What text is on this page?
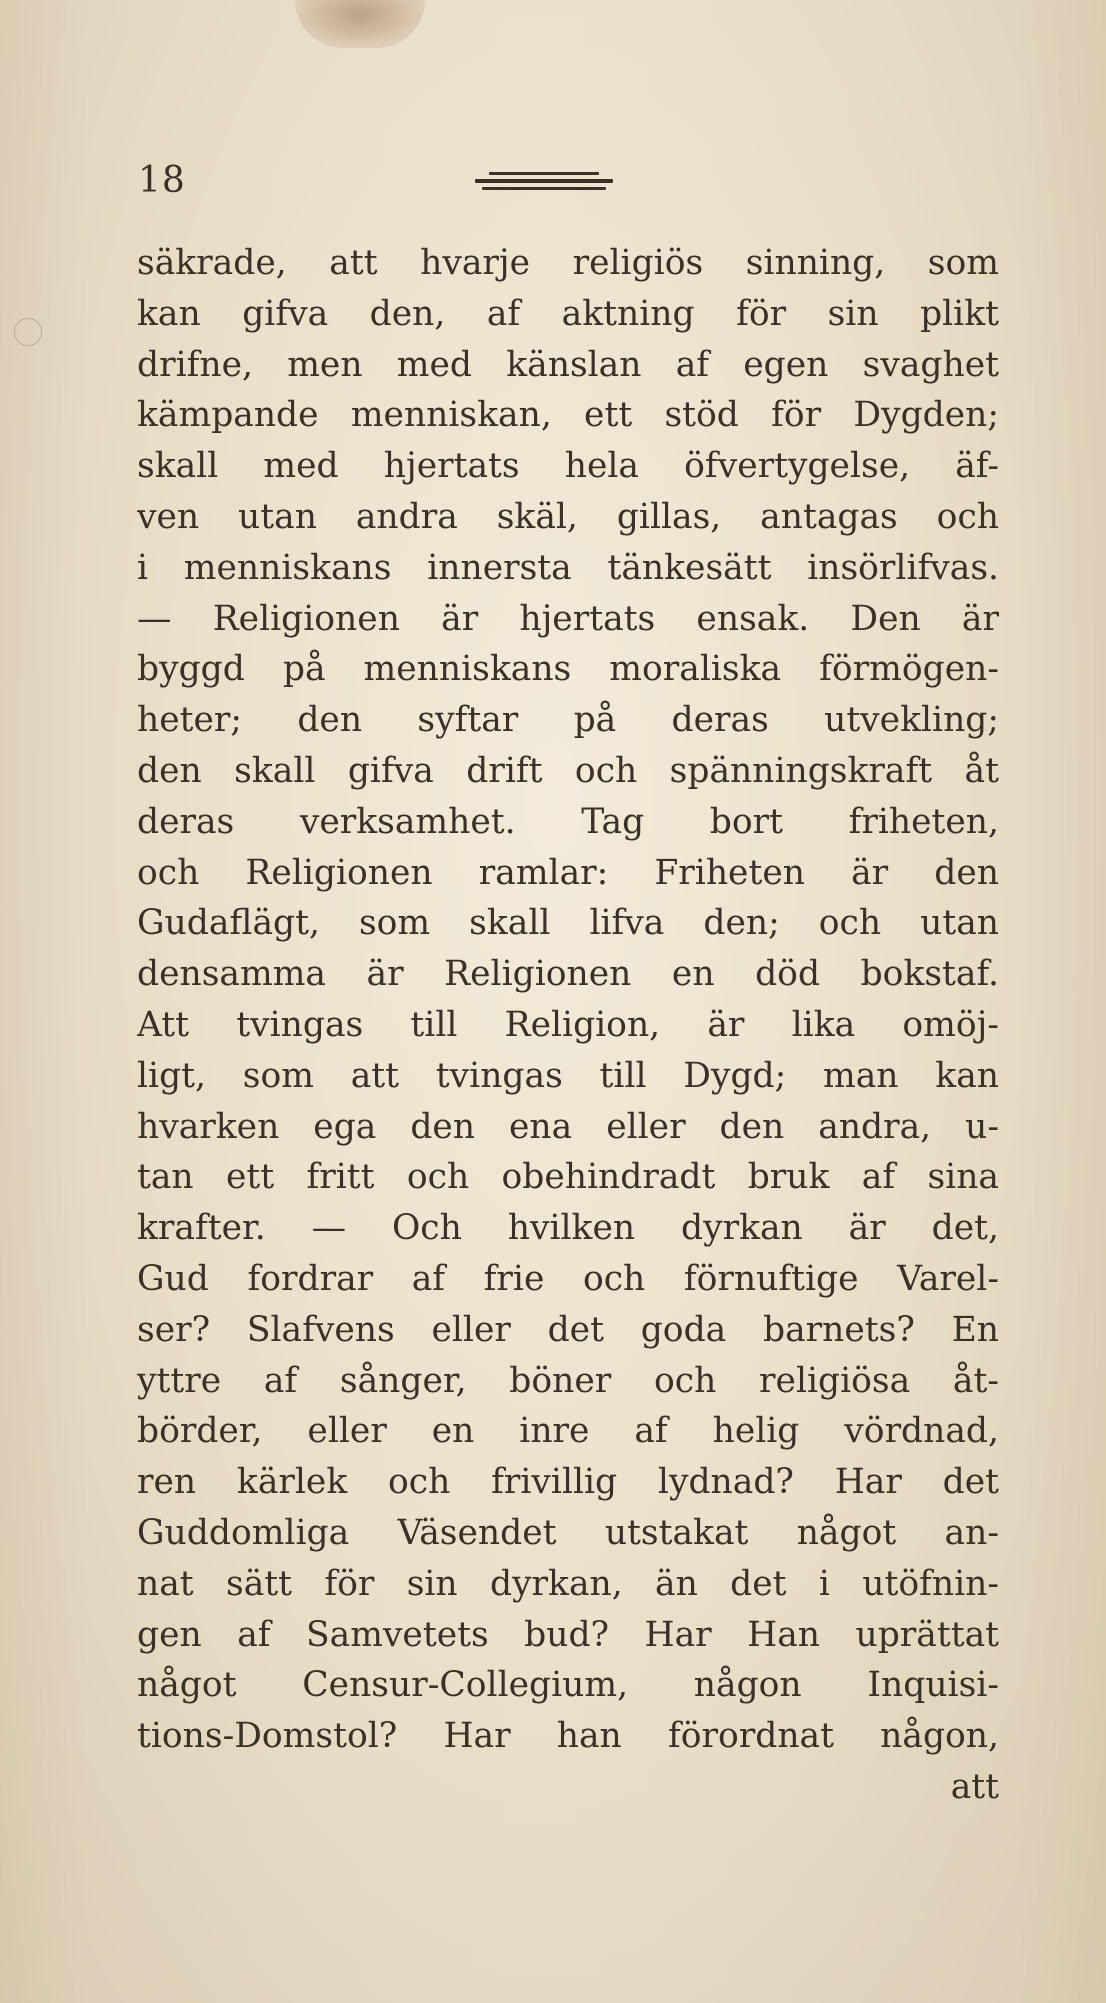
18
säkrade, att hvarje religiös sinning, som
kan gifva den, af aktning för sin plikt
drifne, men med känslan af egen svaghet
kämpande menniskan, ett stöd för Dygden;
skall med hjertats hela öfvertygelse, äf-
ven utan andra skäl, gillas, antagas och
i menniskans innersta tänkesätt insörlifvas.
— Religionen är hjertats ensak. Den är
byggd på menniskans moraliska förmögen-
heter; den syftar på deras utvekling;
den skall gifva drift och spänningskraft åt
deras verksamhet. Tag bort friheten,
och Religionen ramlar: Friheten är den
Gudaflägt, som skall lifva den; och utan
densamma är Religionen en död bokstaf.
Att tvingas till Religion, är lika omöj-
ligt, som att tvingas till Dygd; man kan
hvarken ega den ena eller den andra, u-
tan ett fritt och obehindradt bruk af sina
krafter. — Och hvilken dyrkan är det,
Gud fordrar af frie och förnuftige Varel-
ser? Slafvens eller det goda barnets? En
yttre af sånger, böner och religiösa åt-
börder, eller en inre af helig vördnad,
ren kärlek och frivillig lydnad? Har det
Guddomliga Väsendet utstakat något an-
nat sätt för sin dyrkan, än det i utöfnin-
gen af Samvetets bud? Har Han uprättat
något Censur-Collegium, någon Inquisi-
tions-Domstol? Har han förordnat någon,
att
